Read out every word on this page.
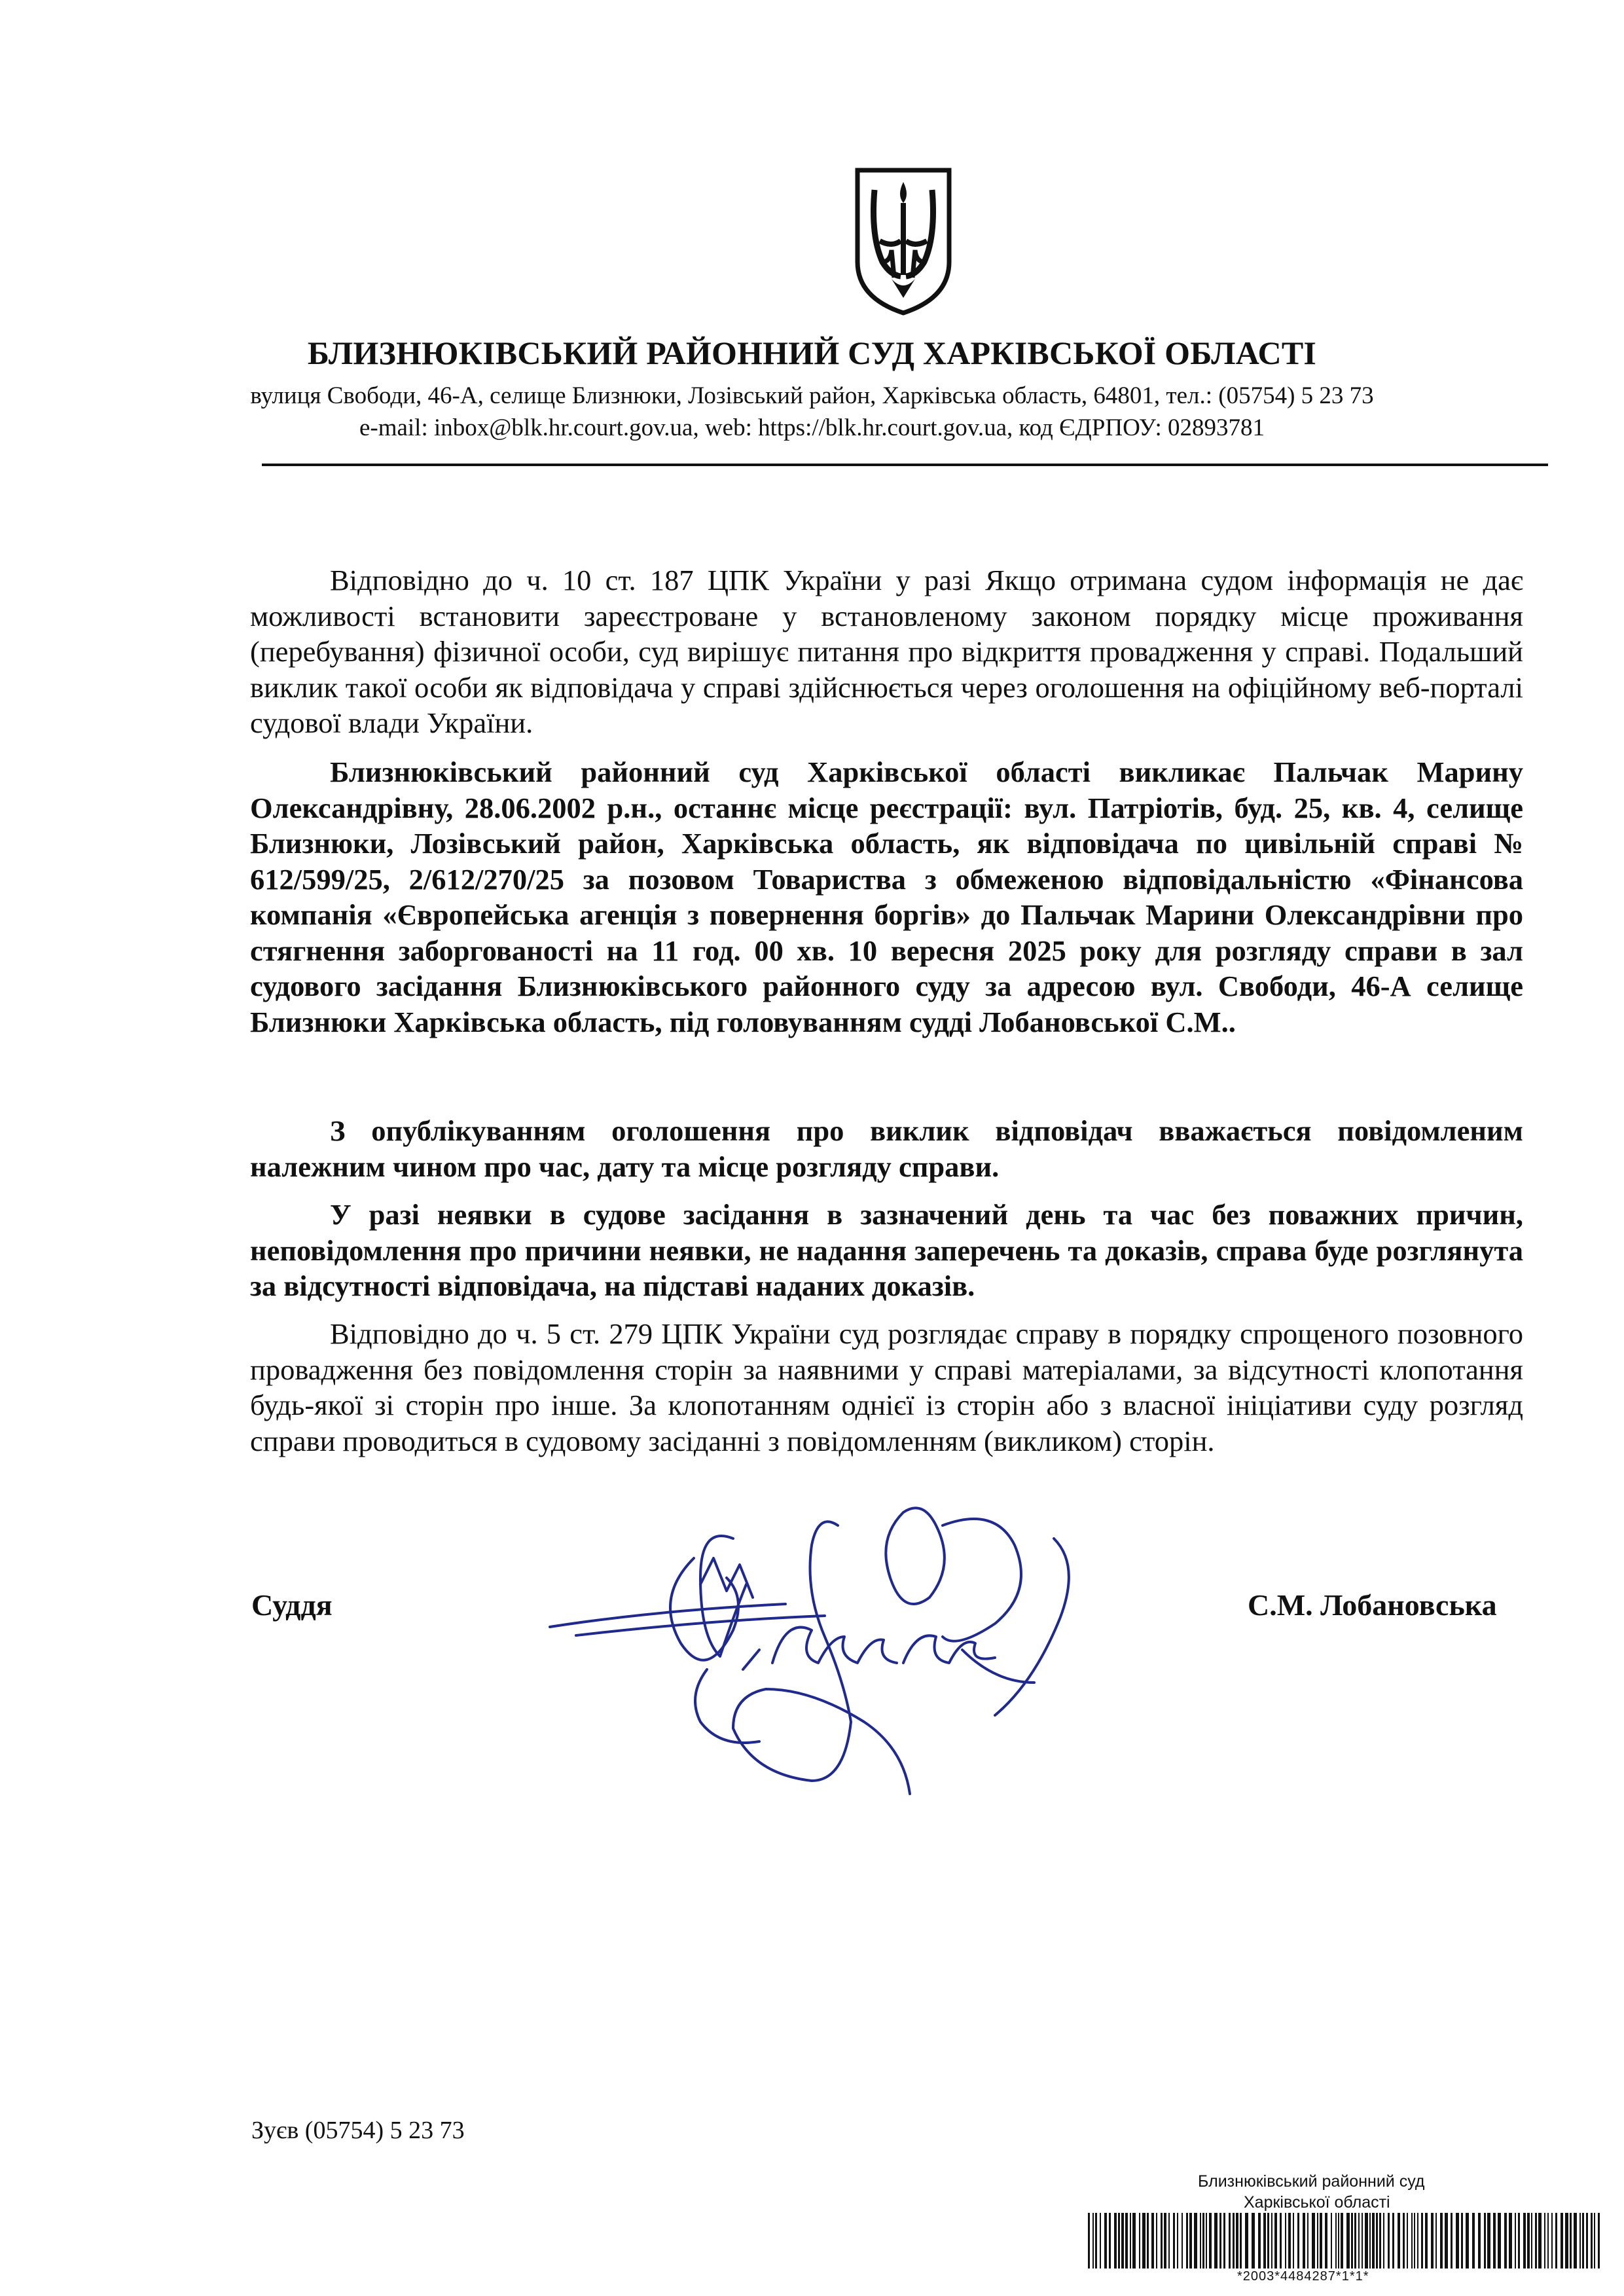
БЛИЗНЮКІВСЬКИЙ РАЙОННИЙ СУД ХАРКІВСЬКОЇ ОБЛАСТІ
вулиця Свободи, 46-А, селище Близнюки, Лозівський район, Харківська область, 64801, тел.: (05754) 5 23 73
e-mail: inbox@blk.hr.court.gov.ua, web: https://blk.hr.court.gov.ua, код ЄДРПОУ: 02893781

Відповідно до ч. 10 ст. 187 ЦПК України у разі Якщо отримана судом інформація не дає можливості встановити зареєстроване у встановленому законом порядку місце проживання (перебування) фізичної особи, суд вирішує питання про відкриття провадження у справі. Подальший виклик такої особи як відповідача у справі здійснюється через оголошення на офіційному веб-порталі судової влади України.

Близнюківський районний суд Харківської області викликає Пальчак Марину Олександрівну, 28.06.2002 р.н., останнє місце реєстрації: вул. Патріотів, буд. 25, кв. 4, селище Близнюки, Лозівський район, Харківська область, як відповідача по цивільній справі № 612/599/25, 2/612/270/25 за позовом Товариства з обмеженою відповідальністю «Фінансова компанія «Європейська агенція з повернення боргів» до Пальчак Марини Олександрівни про стягнення заборгованості на 11 год. 00 хв. 10 вересня 2025 року для розгляду справи в зал судового засідання Близнюківського районного суду за адресою вул. Свободи, 46-А селище Близнюки Харківська область, під головуванням судді Лобановської С.М..

З опублікуванням оголошення про виклик відповідач вважається повідомленим належним чином про час, дату та місце розгляду справи.

У разі неявки в судове засідання в зазначений день та час без поважних причин, неповідомлення про причини неявки, не надання заперечень та доказів, справа буде розглянута за відсутності відповідача, на підставі наданих доказів.

Відповідно до ч. 5 ст. 279 ЦПК України суд розглядає справу в порядку спрощеного позовного провадження без повідомлення сторін за наявними у справі матеріалами, за відсутності клопотання будь-якої зі сторін про інше. За клопотанням однієї із сторін або з власної ініціативи суду розгляд справи проводиться в судовому засіданні з повідомленням (викликом) сторін.

Суддя	С.М. Лобановська
Зуєв (05754) 5 23 73
Близнюківський районний суд
Харківської області
*2003*4484287*1*1*
